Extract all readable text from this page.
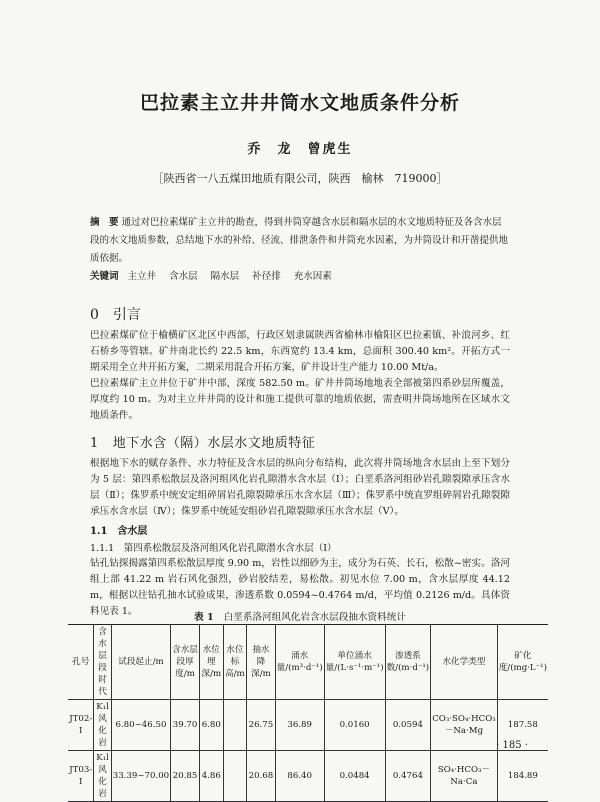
巴拉素主立井井筒水文地质条件分析
乔　龙　曾虎生
［陕西省一八五煤田地质有限公司，陕西　榆林　719000］
摘　要 通过对巴拉素煤矿主立井的勘查，得到井筒穿越含水层和隔水层的水文地质特征及各含水层段的水文地质参数，总结地下水的补给、径流、排泄条件和井筒充水因素，为井筒设计和开凿提供地质依据。
关键词 主立井 含水层 隔水层 补径排 充水因素
0 引言
巴拉素煤矿位于榆横矿区北区中西部，行政区划隶属陕西省榆林市榆阳区巴拉素镇、补浪河乡、红石桥乡等管辖。矿井南北长约 22.5 km，东西宽约 13.4 km，总面积 300.40 km²。开拓方式一期采用全立井开拓方案，二期采用混合开拓方案，矿井设计生产能力 10.00 Mt/a。
巴拉素煤矿主立井位于矿井中部，深度 582.50 m。矿井井筒场地地表全部被第四系砂层所覆盖，厚度约 10 m。为对主立井井筒的设计和施工提供可靠的地质依据，需查明井筒场地所在区域水文地质条件。
1 地下水含（隔）水层水文地质特征
根据地下水的赋存条件、水力特征及含水层的纵向分布结构，此次将井筒场地含水层由上至下划分为 5 层：第四系松散层及洛河组风化岩孔隙潜水含水层（Ⅰ）；白垩系洛河组砂岩孔隙裂隙承压含水层（Ⅱ）；侏罗系中统安定组碎屑岩孔隙裂隙承压水含水层（Ⅲ）；侏罗系中统直罗组碎屑岩孔隙裂隙承压水含水层（Ⅳ）；侏罗系中统延安组砂岩孔隙裂隙承压水含水层（Ⅴ）。
1.1　 含水层
1.1.1　 第四系松散层及洛河组风化岩孔隙潜水含水层（Ⅰ）
钻孔钻探揭露第四系松散层厚度 9.90 m，岩性以细砂为主，成分为石英、长石，松散~密实。洛河组上部 41.22 m 岩石风化强烈，砂岩胶结差，易松散。初见水位 7.00 m，含水层厚度 44.12 m，根据以往钻孔抽水试验成果，渗透系数 0.0594~0.4764 m/d，平均值 0.2126 m/d。具体资料见表 1。
表 1 白垩系洛河组风化岩含水层段抽水资料统计
孔号	含水层段时代	试段起止/m	含水层段厚度/m	水位埋深/m	水位标高/m	抽水降深/m	涌水量/(m³·d⁻¹)	单位涌水量/(L·s⁻¹·m⁻¹)	渗透系数/(m·d⁻¹)	水化学类型	矿化度/(mg·L⁻¹)
JT02-Ⅰ	K₁l 风化岩	6.80~46.50	39.70	6.80		26.75	36.89	0.0160	0.0594	CO₃·SO₄·HCO₃－Na·Mg	187.58
JT03-Ⅰ	K₁l 风化岩	33.39~70.00	20.85	4.86		20.68	86.40	0.0484	0.4764	SO₄·HCO₃－Na·Ca	184.89
· 185 ·
